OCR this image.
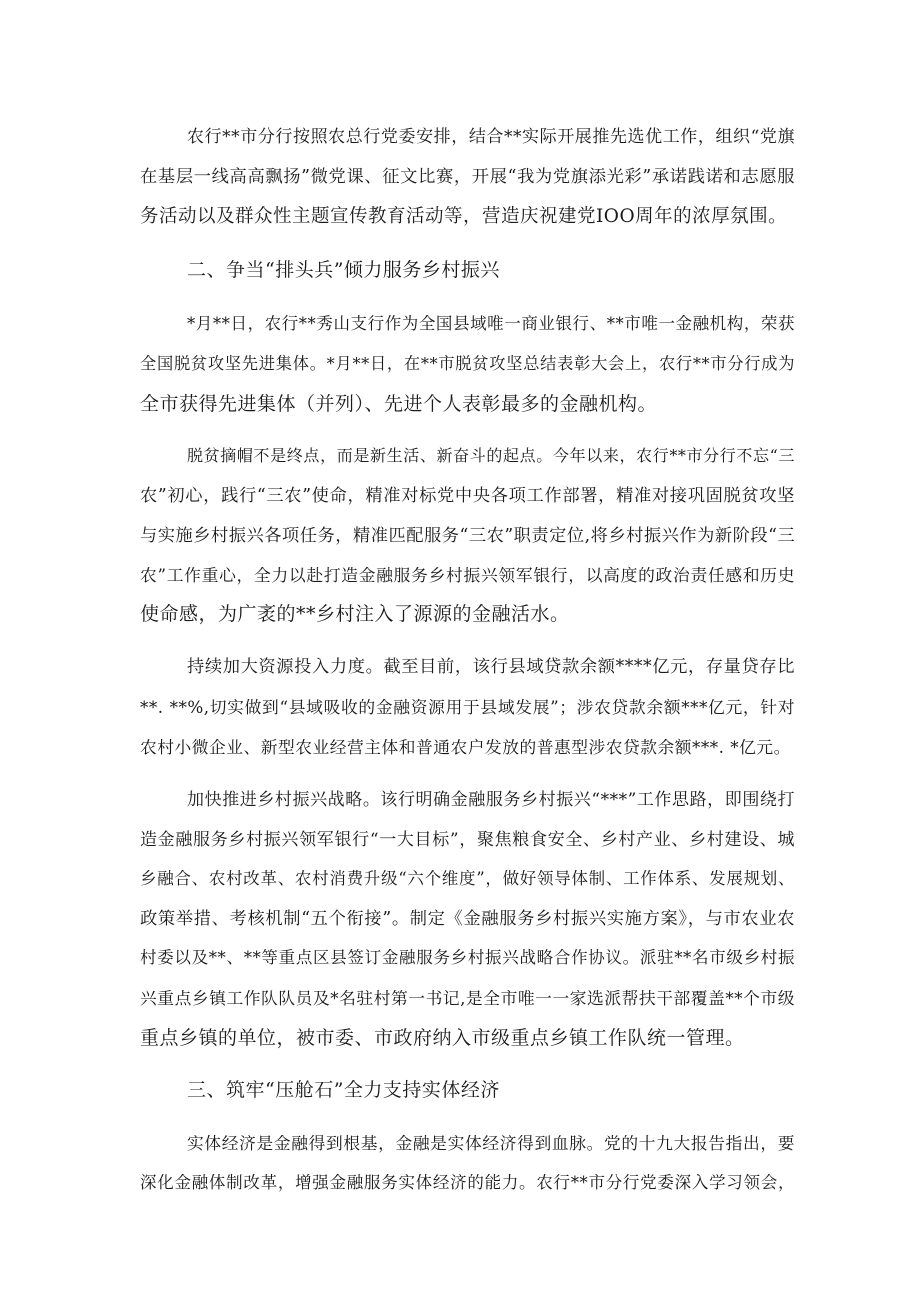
农行**市分行按照农总行党委安排，结合**实际开展推先选优工作，组织“党旗
在基层一线高高飘扬”微党课、征文比赛，开展“我为党旗添光彩”承诺践诺和志愿服
务活动以及群众性主题宣传教育活动等，营造庆祝建党IOO周年的浓厚氛围。
二、争当“排头兵”倾力服务乡村振兴
*月**日，农行**秀山支行作为全国县域唯一商业银行、**市唯一金融机构，荣获
全国脱贫攻坚先进集体。*月**日，在**市脱贫攻坚总结表彰大会上，农行**市分行成为
全市获得先进集体（并列）、先进个人表彰最多的金融机构。
脱贫摘帽不是终点，而是新生活、新奋斗的起点。今年以来，农行**市分行不忘“三
农”初心，践行“三农”使命，精准对标党中央各项工作部署，精准对接巩固脱贫攻坚
与实施乡村振兴各项任务，精准匹配服务“三农”职责定位,将乡村振兴作为新阶段“三
农”工作重心，全力以赴打造金融服务乡村振兴领军银行，以高度的政治责任感和历史
使命感，为广袤的**乡村注入了源源的金融活水。
持续加大资源投入力度。截至目前，该行县域贷款余额****亿元，存量贷存比
**. **%,切实做到“县域吸收的金融资源用于县域发展”；涉农贷款余额***亿元，针对
农村小微企业、新型农业经营主体和普通农户发放的普惠型涉农贷款余额***. *亿元。
加快推进乡村振兴战略。该行明确金融服务乡村振兴“***”工作思路，即围绕打
造金融服务乡村振兴领军银行“一大目标”，聚焦粮食安全、乡村产业、乡村建设、城
乡融合、农村改革、农村消费升级“六个维度”，做好领导体制、工作体系、发展规划、
政策举措、考核机制“五个衔接”。制定《金融服务乡村振兴实施方案》，与市农业农
村委以及**、**等重点区县签订金融服务乡村振兴战略合作协议。派驻**名市级乡村振
兴重点乡镇工作队队员及*名驻村第一书记,是全市唯一一家选派帮扶干部覆盖**个市级
重点乡镇的单位，被市委、市政府纳入市级重点乡镇工作队统一管理。
三、筑牢“压舱石”全力支持实体经济
实体经济是金融得到根基，金融是实体经济得到血脉。党的十九大报告指出，要
深化金融体制改革，增强金融服务实体经济的能力。农行**市分行党委深入学习领会，
